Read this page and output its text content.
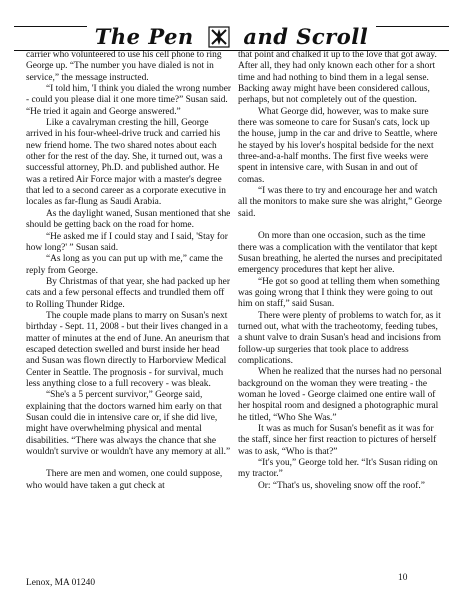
The Pen and Scroll

carrier who volunteered to use his cell phone to ring George up. “The number you have dialed is not in service,” the message instructed.

“I told him, 'I think you dialed the wrong number - could you please dial it one more time?” Susan said. “He tried it again and George answered.”

Like a cavalryman cresting the hill, George arrived in his four-wheel-drive truck and carried his new friend home. The two shared notes about each other for the rest of the day. She, it turned out, was a successful attorney, Ph.D. and published author. He was a retired Air Force major with a master's degree that led to a second career as a corporate executive in locales as far-flung as Saudi Arabia.

As the daylight waned, Susan mentioned that she should be getting back on the road for home.

“He asked me if I could stay and I said, 'Stay for how long?' ” Susan said.

“As long as you can put up with me,” came the reply from George.

By Christmas of that year, she had packed up her cats and a few personal effects and trundled them off to Rolling Thunder Ridge.

The couple made plans to marry on Susan's next birthday - Sept. 11, 2008 - but their lives changed in a matter of minutes at the end of June. An aneurism that escaped detection swelled and burst inside her head and Susan was flown directly to Harborview Medical Center in Seattle. The prognosis - for survival, much less anything close to a full recovery - was bleak.

“She's a 5 percent survivor,” George said, explaining that the doctors warned him early on that Susan could die in intensive care or, if she did live, might have overwhelming physical and mental disabilities. “There was always the chance that she wouldn't survive or wouldn't have any memory at all.”

There are men and women, one could suppose, who would have taken a gut check at

that point and chalked it up to the love that got away. After all, they had only known each other for a short time and had nothing to bind them in a legal sense. Backing away might have been considered callous, perhaps, but not completely out of the question.

What George did, however, was to make sure there was someone to care for Susan's cats, lock up the house, jump in the car and drive to Seattle, where he stayed by his lover's hospital bedside for the next three-and-a-half months. The first five weeks were spent in intensive care, with Susan in and out of comas.

“I was there to try and encourage her and watch all the monitors to make sure she was alright,” George said.

On more than one occasion, such as the time there was a complication with the ventilator that kept Susan breathing, he alerted the nurses and precipitated emergency procedures that kept her alive.

“He got so good at telling them when something was going wrong that I think they were going to out him on staff,” said Susan.

There were plenty of problems to watch for, as it turned out, what with the tracheotomy, feeding tubes, a shunt valve to drain Susan's head and incisions from follow-up surgeries that took place to address complications.

When he realized that the nurses had no personal background on the woman they were treating - the woman he loved - George claimed one entire wall of her hospital room and designed a photographic mural he titled, “Who She Was.”

It was as much for Susan's benefit as it was for the staff, since her first reaction to pictures of herself was to ask, “Who is that?”

“It's you,” George told her. “It's Susan riding on my tractor.”

Or: “That's us, shoveling snow off the roof.”

Lenox, MA 01240	10
